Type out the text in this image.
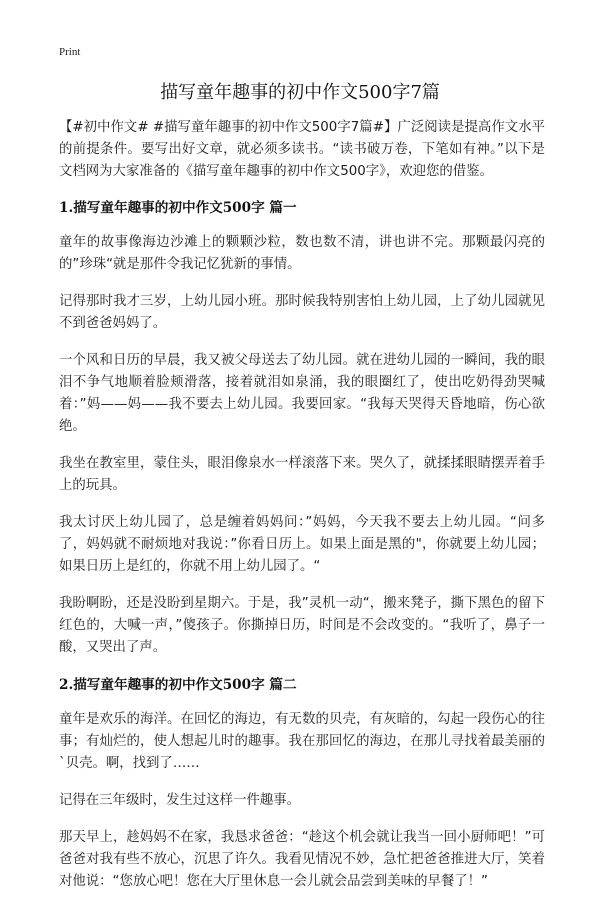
Print
描写童年趣事的初中作文500字7篇

【#初中作文# #描写童年趣事的初中作文500字7篇#】广泛阅读是提高作文水平的前提条件。要写出好文章，就必须多读书。“读书破万卷，下笔如有神。”以下是文档网为大家准备的《描写童年趣事的初中作文500字》，欢迎您的借鉴。

1.描写童年趣事的初中作文500字 篇一

童年的故事像海边沙滩上的颗颗沙粒，数也数不清，讲也讲不完。那颗最闪亮的的”珍珠“就是那件令我记忆犹新的事情。

记得那时我才三岁，上幼儿园小班。那时候我特别害怕上幼儿园，上了幼儿园就见不到爸爸妈妈了。

一个风和日历的早晨，我又被父母送去了幼儿园。就在进幼儿园的一瞬间，我的眼泪不争气地顺着脸颊滑落，接着就泪如泉涌，我的眼圈红了，使出吃奶得劲哭喊着：”妈——妈——我不要去上幼儿园。我要回家。“我每天哭得天昏地暗，伤心欲绝。

我坐在教室里，蒙住头，眼泪像泉水一样滚落下来。哭久了，就揉揉眼睛摆弄着手上的玩具。

我太讨厌上幼儿园了，总是缠着妈妈问：”妈妈，今天我不要去上幼儿园。“问多了，妈妈就不耐烦地对我说：”你看日历上。如果上面是黑的"，你就要上幼儿园；如果日历上是红的，你就不用上幼儿园了。“

我盼啊盼，还是没盼到星期六。于是，我”灵机一动“，搬来凳子，撕下黑色的留下红色的，大喊一声，”傻孩子。你撕掉日历，时间是不会改变的。“我听了，鼻子一酸，又哭出了声。

2.描写童年趣事的初中作文500字 篇二

童年是欢乐的海洋。在回忆的海边，有无数的贝壳，有灰暗的，勾起一段伤心的往事；有灿烂的，使人想起儿时的趣事。我在那回忆的海边，在那儿寻找着最美丽的`贝壳。啊，找到了……

记得在三年级时，发生过这样一件趣事。

那天早上，趁妈妈不在家，我恳求爸爸：“趁这个机会就让我当一回小厨师吧！”可爸爸对我有些不放心，沉思了许久。我看见情况不妙，急忙把爸爸推进大厅，笑着对他说：“您放心吧！您在大厅里休息一会儿就会品尝到美味的早餐了！”
